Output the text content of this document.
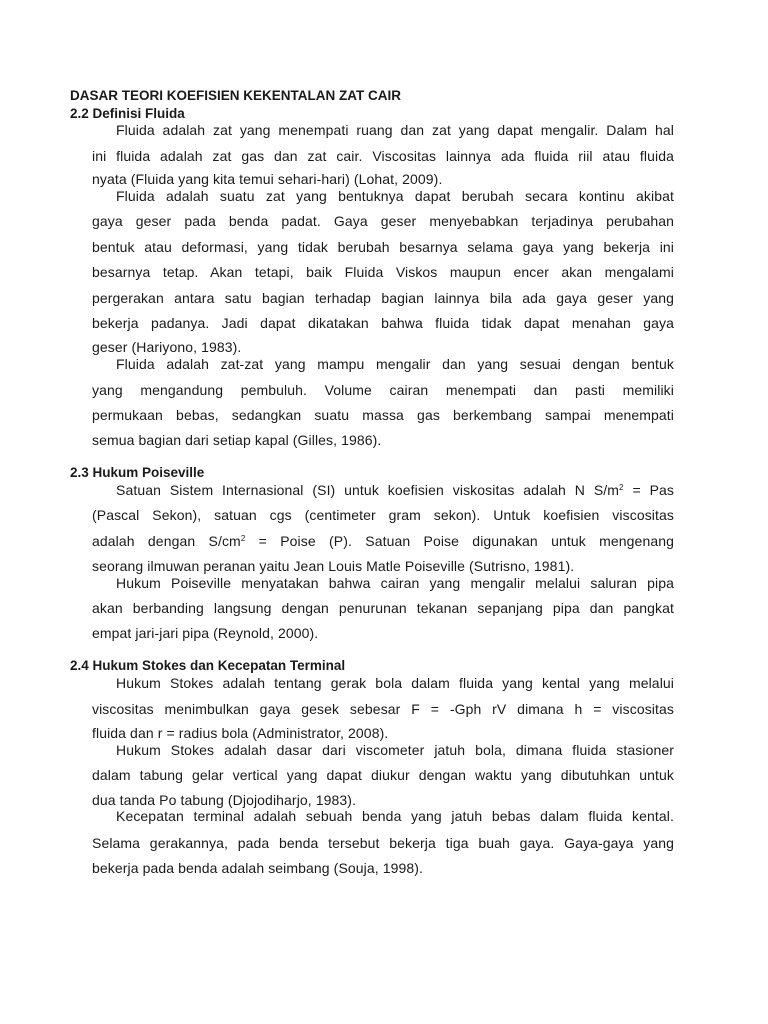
DASAR TEORI KOEFISIEN KEKENTALAN ZAT CAIR
2.2 Definisi Fluida
Fluida adalah zat yang menempati ruang dan zat yang dapat mengalir. Dalam hal
ini fluida adalah zat gas dan zat cair. Viscositas lainnya ada fluida riil atau fluida
nyata (Fluida yang kita temui sehari-hari) (Lohat, 2009).
Fluida adalah suatu zat yang bentuknya dapat berubah secara kontinu akibat
gaya geser pada benda padat. Gaya geser menyebabkan terjadinya perubahan
bentuk atau deformasi, yang tidak berubah besarnya selama gaya yang bekerja ini
besarnya tetap. Akan tetapi, baik Fluida Viskos maupun encer akan mengalami
pergerakan antara satu bagian terhadap bagian lainnya bila ada gaya geser yang
bekerja padanya. Jadi dapat dikatakan bahwa fluida tidak dapat menahan gaya
geser (Hariyono, 1983).
Fluida adalah zat-zat yang mampu mengalir dan yang sesuai dengan bentuk
yang mengandung pembuluh. Volume cairan menempati dan pasti memiliki
permukaan bebas, sedangkan suatu massa gas berkembang sampai menempati
semua bagian dari setiap kapal (Gilles, 1986).
2.3 Hukum Poiseville
Satuan Sistem Internasional (SI) untuk koefisien viskositas adalah N $S/m^2$ = Pas
(Pascal Sekon), satuan cgs (centimeter gram sekon). Untuk koefisien viscositas
adalah dengan $S/cm^2$ = Poise (P). Satuan Poise digunakan untuk mengenang
seorang ilmuwan peranan yaitu Jean Louis Matle Poiseville (Sutrisno, 1981).
Hukum Poiseville menyatakan bahwa cairan yang mengalir melalui saluran pipa
akan berbanding langsung dengan penurunan tekanan sepanjang pipa dan pangkat
empat jari-jari pipa (Reynold, 2000).
2.4 Hukum Stokes dan Kecepatan Terminal
Hukum Stokes adalah tentang gerak bola dalam fluida yang kental yang melalui
viscositas menimbulkan gaya gesek sebesar F = -Gph rV dimana h = viscositas
fluida dan r = radius bola (Administrator, 2008).
Hukum Stokes adalah dasar dari viscometer jatuh bola, dimana fluida stasioner
dalam tabung gelar vertical yang dapat diukur dengan waktu yang dibutuhkan untuk
dua tanda Po tabung (Djojodiharjo, 1983).
Kecepatan terminal adalah sebuah benda yang jatuh bebas dalam fluida kental.
Selama gerakannya, pada benda tersebut bekerja tiga buah gaya. Gaya-gaya yang
bekerja pada benda adalah seimbang (Souja, 1998).
